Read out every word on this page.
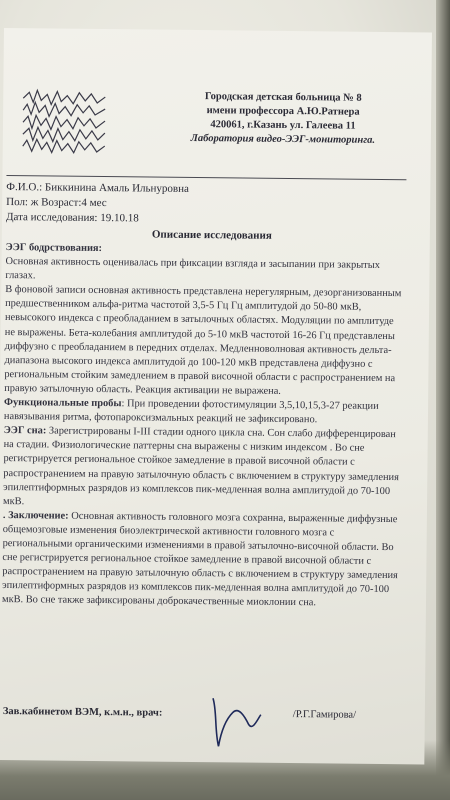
Городская детская больница № 8
имени профессора А.Ю.Ратнера
420061, г.Казань ул. Галеева 11
Лаборатория видео-ЭЭГ-мониторинга.
Ф.И.О.: Биккинина Амаль Ильнуровна
Пол: ж Возраст:4 мес
Дата исследования: 19.10.18
Описание исследования

ЭЭГ бодрствования:

Основная активность оценивалась при фиксации взгляда и засыпании при закрытых глазах.

В фоновой записи основная активность представлена нерегулярным, дезорганизованным предшественником альфа-ритма частотой 3,5-5 Гц Гц амплитудой до 50-80 мкВ, невысокого индекса с преобладанием в затылочных областях. Модуляции по амплитуде не выражены. Бета-колебания амплитудой до 5-10 мкВ частотой 16-26 Гц представлены диффузно с преобладанием в передних отделах. Медленноволновая активность дельта- диапазона высокого индекса амплитудой до 100-120 мкВ представлена диффузно с региональным стойким замедлением в правой височной области с распространением на правую затылочную область. Реакция активации не выражена.

Функциональные пробы: При проведении фотостимуляции 3,5,10,15,3-27 реакции навязывания ритма, фотопароксизмальных реакций не зафиксировано.

ЭЭГ сна: Зарегистрированы I-III стадии одного цикла сна. Сон слабо дифференцирован на стадии. Физиологические паттерны сна выражены с низким индексом . Во сне регистрируется региональное стойкое замедление в правой височной области с распространением на правую затылочную область с включением в структуру замедления эпилептиформных разрядов из комплексов пик-медленная волна амплитудой до 70-100 мкВ.

. Заключение: Основная активность головного мозга сохранна, выраженные диффузные общемозговые изменения биоэлектрической активности головного мозга с региональными органическими изменениями в правой затылочно-височной области. Во сне регистрируется региональное стойкое замедление в правой височной области с распространением на правую затылочную область с включением в структуру замедления эпилептиформных разрядов из комплексов пик-медленная волна амплитудой до 70-100 мкВ. Во сне также зафиксированы доброкачественные миоклонии сна.

Зав.кабинетом ВЭМ, к.м.н., врач:	/Р.Г.Гамирова/
